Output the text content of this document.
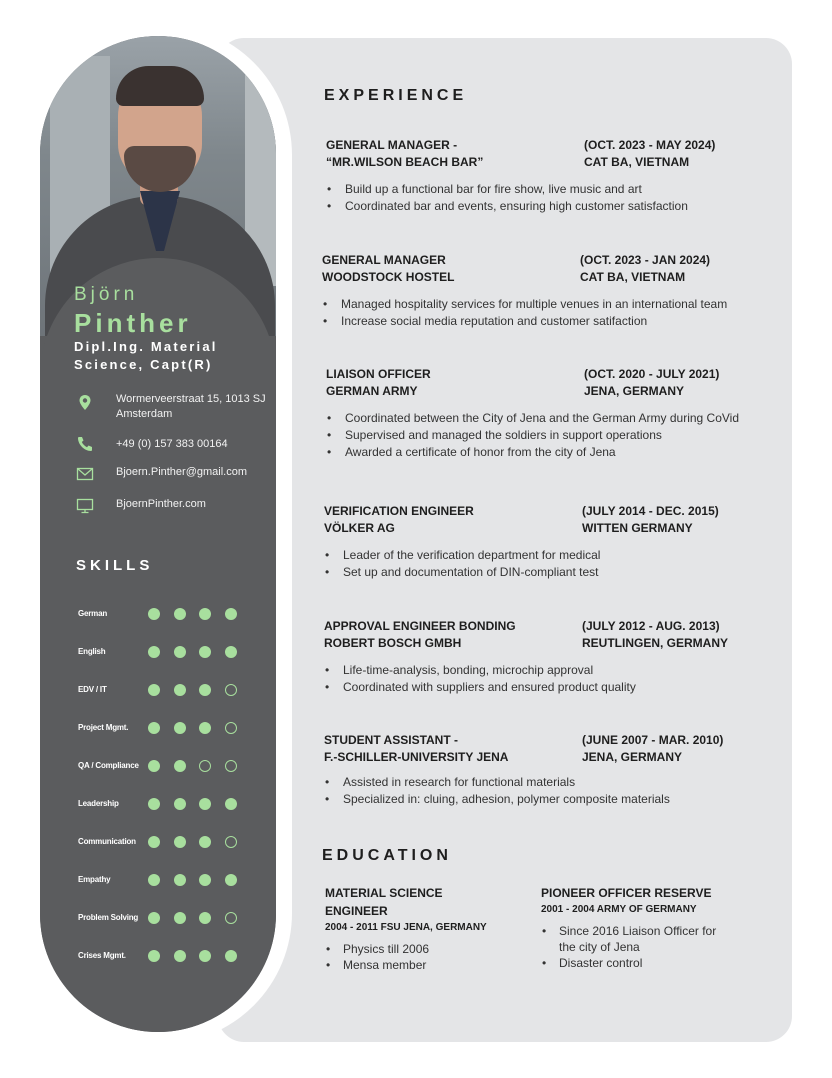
Björn
Pinther
Dipl.Ing. Material Science, Capt(R)
Wormerveerstraat 15, 1013 SJ Amsterdam
+49 (0) 157 383 00164
Bjoern.Pinther@gmail.com
BjoernPinther.com
SKILLS
German
English
EDV / IT
Project Mgmt.
QA / Compliance
Leadership
Communication
Empathy
Problem Solving
Crises Mgmt.
EXPERIENCE
GENERAL MANAGER -
“MR.WILSON BEACH BAR”
(OCT. 2023 - MAY 2024)
CAT BA, VIETNAM
• Build up a functional bar for fire show, live music and art
• Coordinated bar and events, ensuring high customer satisfaction
GENERAL MANAGER
WOODSTOCK HOSTEL
(OCT. 2023 - JAN 2024)
CAT BA, VIETNAM
• Managed hospitality services for multiple venues in an international team
• Increase social media reputation and customer satifaction
LIAISON OFFICER
GERMAN ARMY
(OCT. 2020 - JULY 2021)
JENA, GERMANY
• Coordinated between the City of Jena and the German Army during CoVid
• Supervised and managed the soldiers in support operations
• Awarded a certificate of honor from the city of Jena
VERIFICATION ENGINEER
VÖLKER AG
(JULY 2014 - DEC. 2015)
WITTEN GERMANY
• Leader of the verification department for medical
• Set up and documentation of DIN-compliant test
APPROVAL ENGINEER BONDING
ROBERT BOSCH GMBH
(JULY 2012 - AUG. 2013)
REUTLINGEN, GERMANY
• Life-time-analysis, bonding, microchip approval
• Coordinated with suppliers and ensured product quality
STUDENT ASSISTANT -
F.-SCHILLER-UNIVERSITY JENA
(JUNE 2007 - MAR. 2010)
JENA, GERMANY
• Assisted in research for functional materials
• Specialized in: cluing, adhesion, polymer composite materials
EDUCATION
MATERIAL SCIENCE ENGINEER
2004 - 2011 FSU JENA, GERMANY
• Physics till 2006
• Mensa member
PIONEER OFFICER RESERVE
2001 - 2004 ARMY OF GERMANY
• Since 2016 Liaison Officer for the city of Jena
• Disaster control
